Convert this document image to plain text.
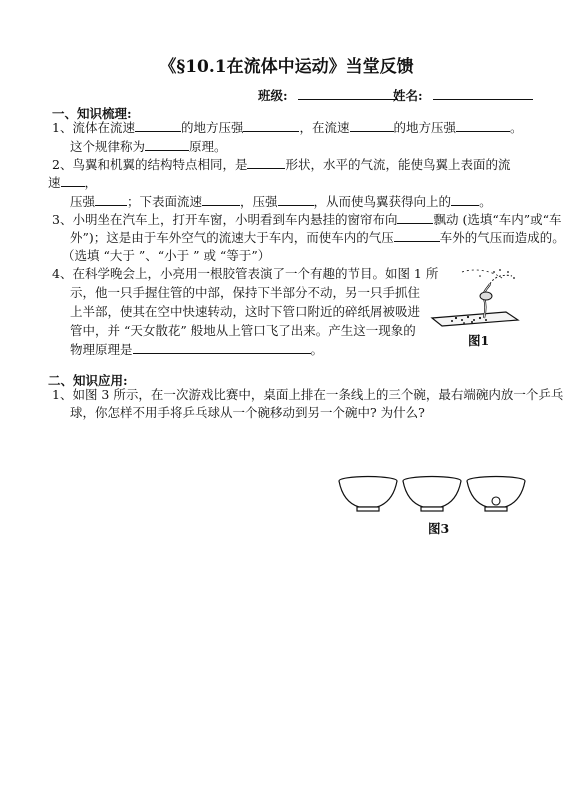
《§10.1在流体中运动》当堂反馈
班级:	姓名:
一、知识梳理:
1、流体在流速	的地方压强	，在流速	的地方压强	。
这个规律称为	原理。
2、鸟翼和机翼的结构特点相同，是	形状，水平的气流，能使鸟翼上表面的流
速 ，
压强	；下表面流速	，压强	，从而使鸟翼获得向上的 。
3、小明坐在汽车上，打开车窗，小明看到车内悬挂的窗帘布向	飘动 (选填“车内”或“车
外”)；这是由于车外空气的流速大于车内，而使车内的气压	车外的气压而造成的。
（选填 “大于 ”、“小于 ” 或 “等于”）
4、在科学晚会上，小亮用一根胶管表演了一个有趣的节目。如图 1 所
示，他一只手握住管的中部，保持下半部分不动，另一只手抓住
上半部，使其在空中快速转动，这时下管口附近的碎纸屑被吸进
管中，并 “天女散花” 般地从上管口飞了出来。产生这一现象的
物理原理是	。
图1
二、知识应用:
1、如图 3 所示，在一次游戏比赛中，桌面上排在一条线上的三个碗，最右端碗内放一个乒乓
球，你怎样不用手将乒乓球从一个碗移动到另一个碗中? 为什么?
图3
